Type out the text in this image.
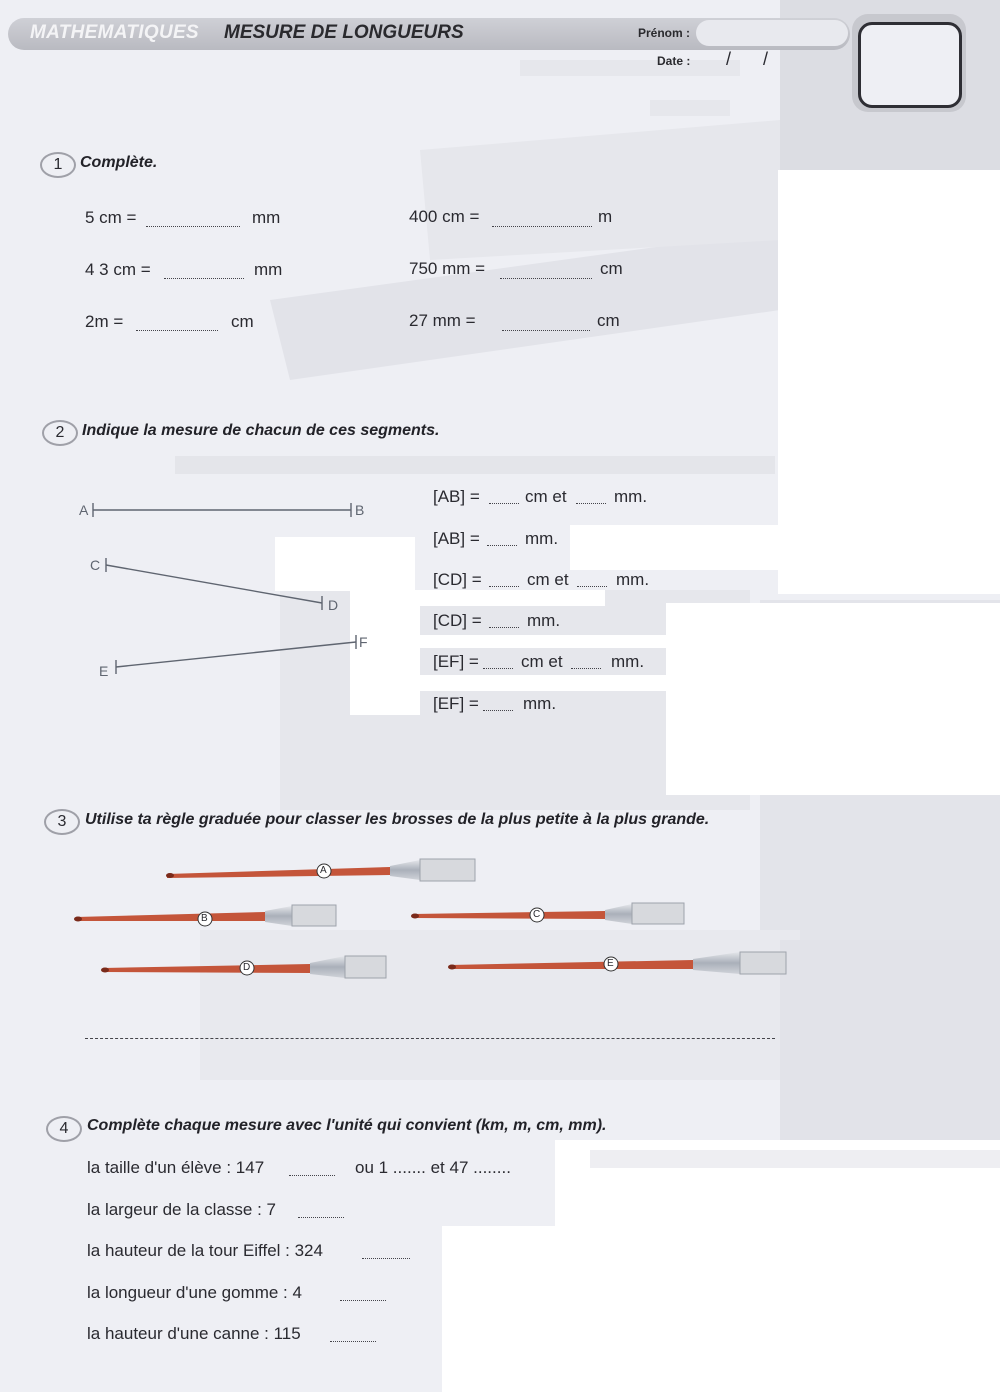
MATHEMATIQUES MESURE DE LONGUEURS	Prénom :
Date : / /
1	Complète.
5 cm =	mm	400 cm =	m
4 3 cm =	mm	750 mm =	cm
2m =	cm	27 mm =	cm
2	Indique la mesure de chacun de ces segments.
A	B
C
D
E
F
[AB] =	cm et	mm.
[AB] =	mm.
[CD] =	cm et	mm.
[CD] =	mm.
[EF] = cm et	mm.
[EF] =	mm.
3	Utilise ta règle graduée pour classer les brosses de la plus petite à la plus grande.
A
B	C
D	E
4	Complète chaque mesure avec l'unité qui convient (km, m, cm, mm).
la taille d'un élève : 147	ou 1 ....... et 47 ........
la largeur de la classe : 7
la hauteur de la tour Eiffel : 324
la longueur d'une gomme : 4
la hauteur d'une canne : 115
